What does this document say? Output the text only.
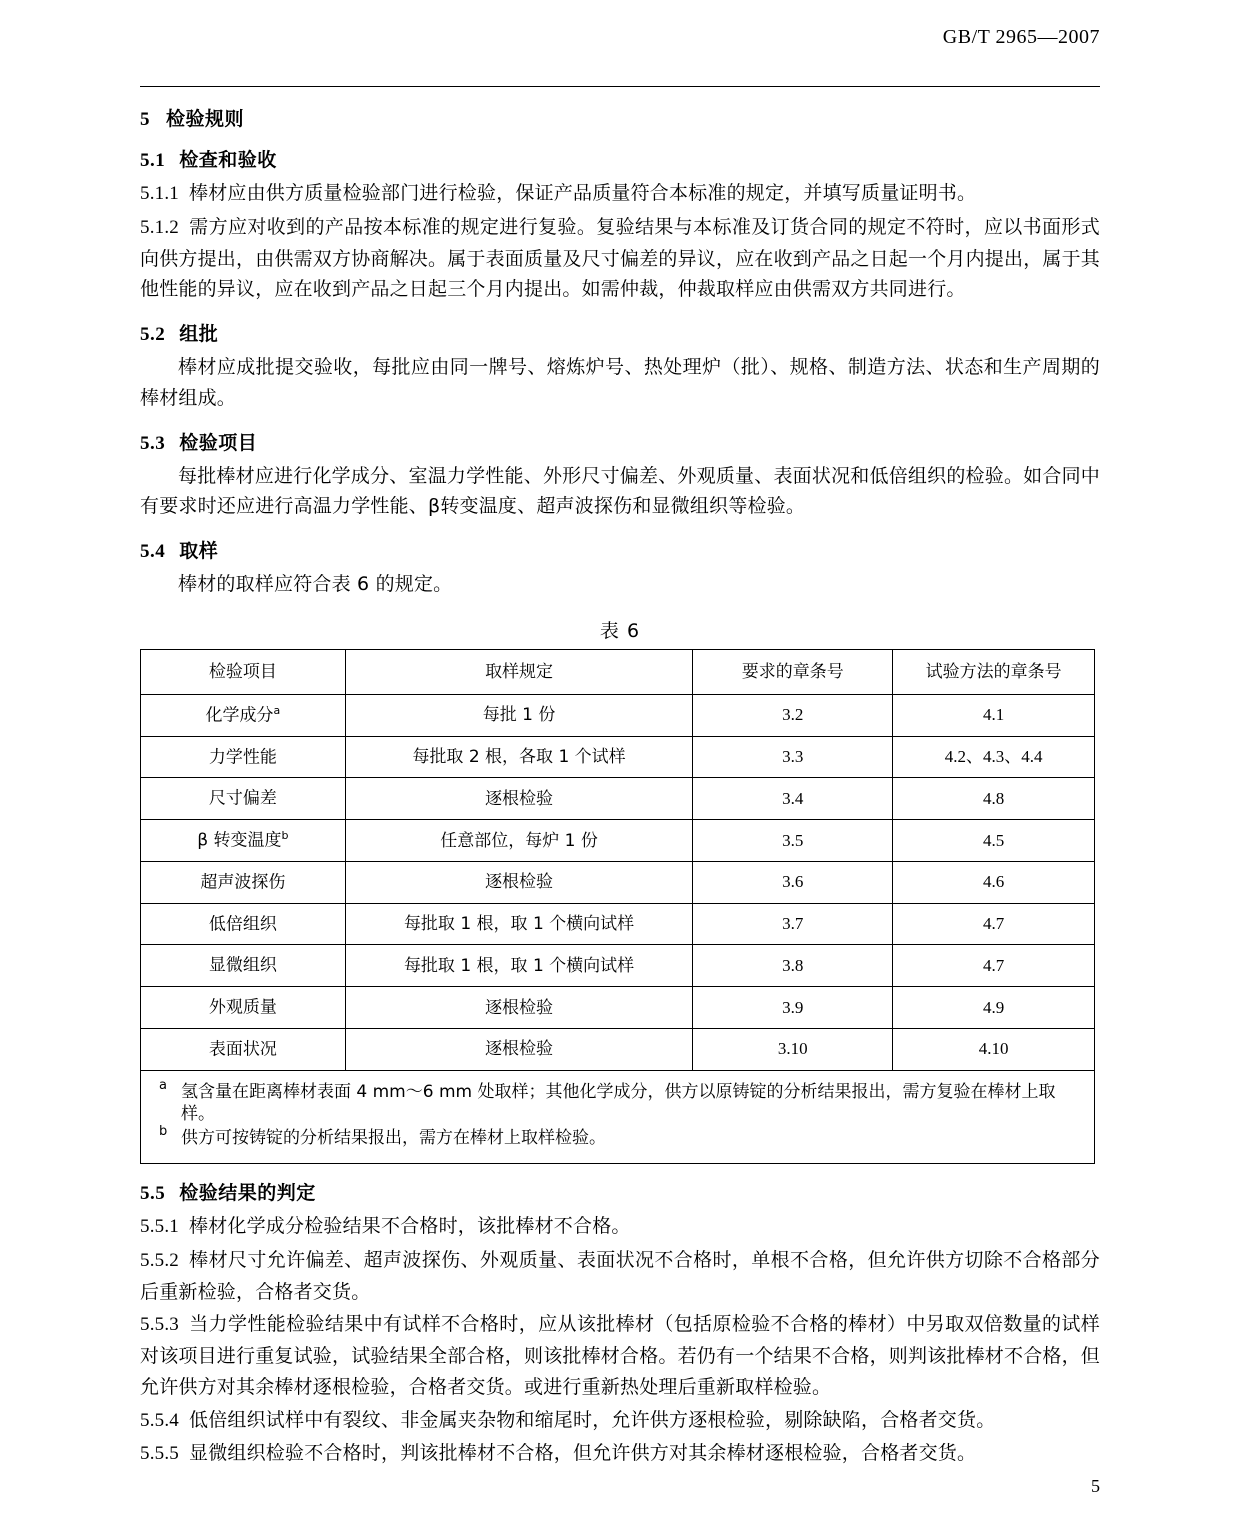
GB/T 2965—2007
5 检验规则
5.1 检查和验收

5.1.1 棒材应由供方质量检验部门进行检验，保证产品质量符合本标准的规定，并填写质量证明书。

5.1.2 需方应对收到的产品按本标准的规定进行复验。复验结果与本标准及订货合同的规定不符时，应以书面形式向供方提出，由供需双方协商解决。属于表面质量及尺寸偏差的异议，应在收到产品之日起一个月内提出，属于其他性能的异议，应在收到产品之日起三个月内提出。如需仲裁，仲裁取样应由供需双方共同进行。

5.2 组批

棒材应成批提交验收，每批应由同一牌号、熔炼炉号、热处理炉（批）、规格、制造方法、状态和生产周期的棒材组成。

5.3 检验项目

每批棒材应进行化学成分、室温力学性能、外形尺寸偏差、外观质量、表面状况和低倍组织的检验。如合同中有要求时还应进行高温力学性能、β转变温度、超声波探伤和显微组织等检验。

5.4 取样

棒材的取样应符合表 6 的规定。

表 6
检验项目	取样规定	要求的章条号	试验方法的章条号
化学成分$^a$	每批 1 份	3.2	4.1
力学性能	每批取 2 根，各取 1 个试样	3.3	4.2、4.3、4.4
尺寸偏差	逐根检验	3.4	4.8
β 转变温度$^b$	任意部位，每炉 1 份	3.5	4.5
超声波探伤	逐根检验	3.6	4.6
低倍组织	每批取 1 根，取 1 个横向试样	3.7	4.7
显微组织	每批取 1 根，取 1 个横向试样	3.8	4.7
外观质量	逐根检验	3.9	4.9
表面状况	逐根检验	3.10	4.10

a 氢含量在距离棒材表面 4 mm～6 mm 处取样；其他化学成分，供方以原铸锭的分析结果报出，需方复验在棒材上取样。
b 供方可按铸锭的分析结果报出，需方在棒材上取样检验。			
5.5 检验结果的判定

5.5.1 棒材化学成分检验结果不合格时，该批棒材不合格。

5.5.2 棒材尺寸允许偏差、超声波探伤、外观质量、表面状况不合格时，单根不合格，但允许供方切除不合格部分后重新检验，合格者交货。

5.5.3 当力学性能检验结果中有试样不合格时，应从该批棒材（包括原检验不合格的棒材）中另取双倍数量的试样对该项目进行重复试验，试验结果全部合格，则该批棒材合格。若仍有一个结果不合格，则判该批棒材不合格，但允许供方对其余棒材逐根检验，合格者交货。或进行重新热处理后重新取样检验。

5.5.4 低倍组织试样中有裂纹、非金属夹杂物和缩尾时，允许供方逐根检验，剔除缺陷，合格者交货。

5.5.5 显微组织检验不合格时，判该批棒材不合格，但允许供方对其余棒材逐根检验，合格者交货。

5
